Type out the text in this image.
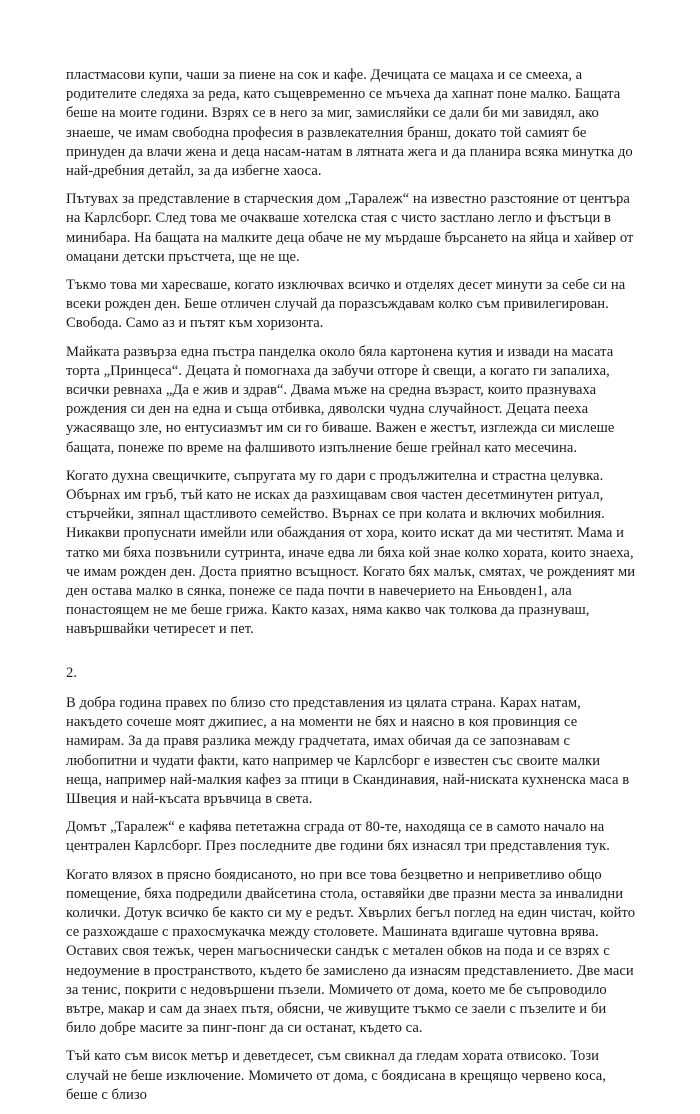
пластмасови купи, чаши за пиене на сок и кафе. Дечицата се мацаха и се смееха, а родителите следяха за реда, като същевременно се мъчеха да хапнат поне малко. Бащата беше на моите години. Взрях се в него за миг, замисляйки се дали би ми завидял, ако знаеше, че имам свободна професия в развлекателния бранш, докато той самият бе принуден да влачи жена и деца насам-натам в лятната жега и да планира всяка минутка до най-дребния детайл, за да избегне хаоса.

Пътувах за представление в старческия дом „Таралеж“ на известно разстояние от центъра на Карлсборг. След това ме очакваше хотелска стая с чисто застлано легло и фъстъци в минибара. На бащата на малките деца обаче не му мърдаше бърсането на яйца и хайвер от омацани детски пръстчета, ще не ще.

Тъкмо това ми харесваше, когато изключвах всичко и отделях десет минути за себе си на всеки рожден ден. Беше отличен случай да поразсъждавам колко съм привилегирован. Свобода. Само аз и пътят към хоризонта.

Майката развърза една пъстра панделка около бяла картонена кутия и извади на масата торта „Принцеса“. Децата ѝ помогнаха да забучи отгоре ѝ свещи, а когато ги запалиха, всички ревнаха „Да е жив и здрав“. Двама мъже на средна възраст, които празнуваха рождения си ден на една и съща отбивка, дяволски чудна случайност. Децата пееха ужасяващо зле, но ентусиазмът им си го биваше. Важен е жестът, изглежда си мислеше бащата, понеже по време на фалшивото изпълнение беше грейнал като месечина.

Когато духна свещичките, съпругата му го дари с продължителна и страстна целувка. Обърнах им гръб, тъй като не исках да разхищавам своя частен десетминутен ритуал, стърчейки, зяпнал щастливото семейство. Върнах се при колата и включих мобилния. Никакви пропуснати имейли или обаждания от хора, които искат да ми честитят. Мама и татко ми бяха позвънили сутринта, иначе едва ли бяха кой знае колко хората, които знаеха, че имам рожден ден. Доста приятно всъщност. Когато бях малък, смятах, че рожденият ми ден остава малко в сянка, понеже се пада почти в навечерието на Еньовден1, ала понастоящем не ме беше грижа. Както казах, няма какво чак толкова да празнуваш, навършвайки четиресет и пет.

2.

В добра година правех по близо сто представления из цялата страна. Карах натам, накъдето сочеше моят джипиес, а на моменти не бях и наясно в коя провинция се намирам. За да правя разлика между градчетата, имах обичая да се запознавам с любопитни и чудати факти, като например че Карлсборг е известен със своите малки неща, например най-малкия кафез за птици в Скандинавия, най-ниската кухненска маса в Швеция и най-късата връвчица в света.

Домът „Таралеж“ е кафява пететажна сграда от 80-те, находяща се в самото начало на централен Карлсборг. През последните две години бях изнасял три представления тук.

Когато влязох в прясно боядисаното, но при все това безцветно и неприветливо общо помещение, бяха подредили двайсетина стола, оставяйки две празни места за инвалидни колички. Дотук всичко бе както си му е редът. Хвърлих бегъл поглед на един чистач, който се разхождаше с прахосмукачка между столовете. Машината вдигаше чутовна врява. Оставих своя тежък, черен магьоснически сандък с метален обков на пода и се взрях с недоумение в пространството, където бе замислено да изнасям представлението. Две маси за тенис, покрити с недовършени пъзели. Момичето от дома, което ме бе съпроводило вътре, макар и сам да знаех пътя, обясни, че живущите тъкмо се заели с пъзелите и би било добре масите за пинг-понг да си останат, където са.

Тъй като съм висок метър и деветдесет, съм свикнал да гледам хората отвисоко. Този случай не беше изключение. Момичето от дома, с боядисана в крещящо червено коса, беше с близо
